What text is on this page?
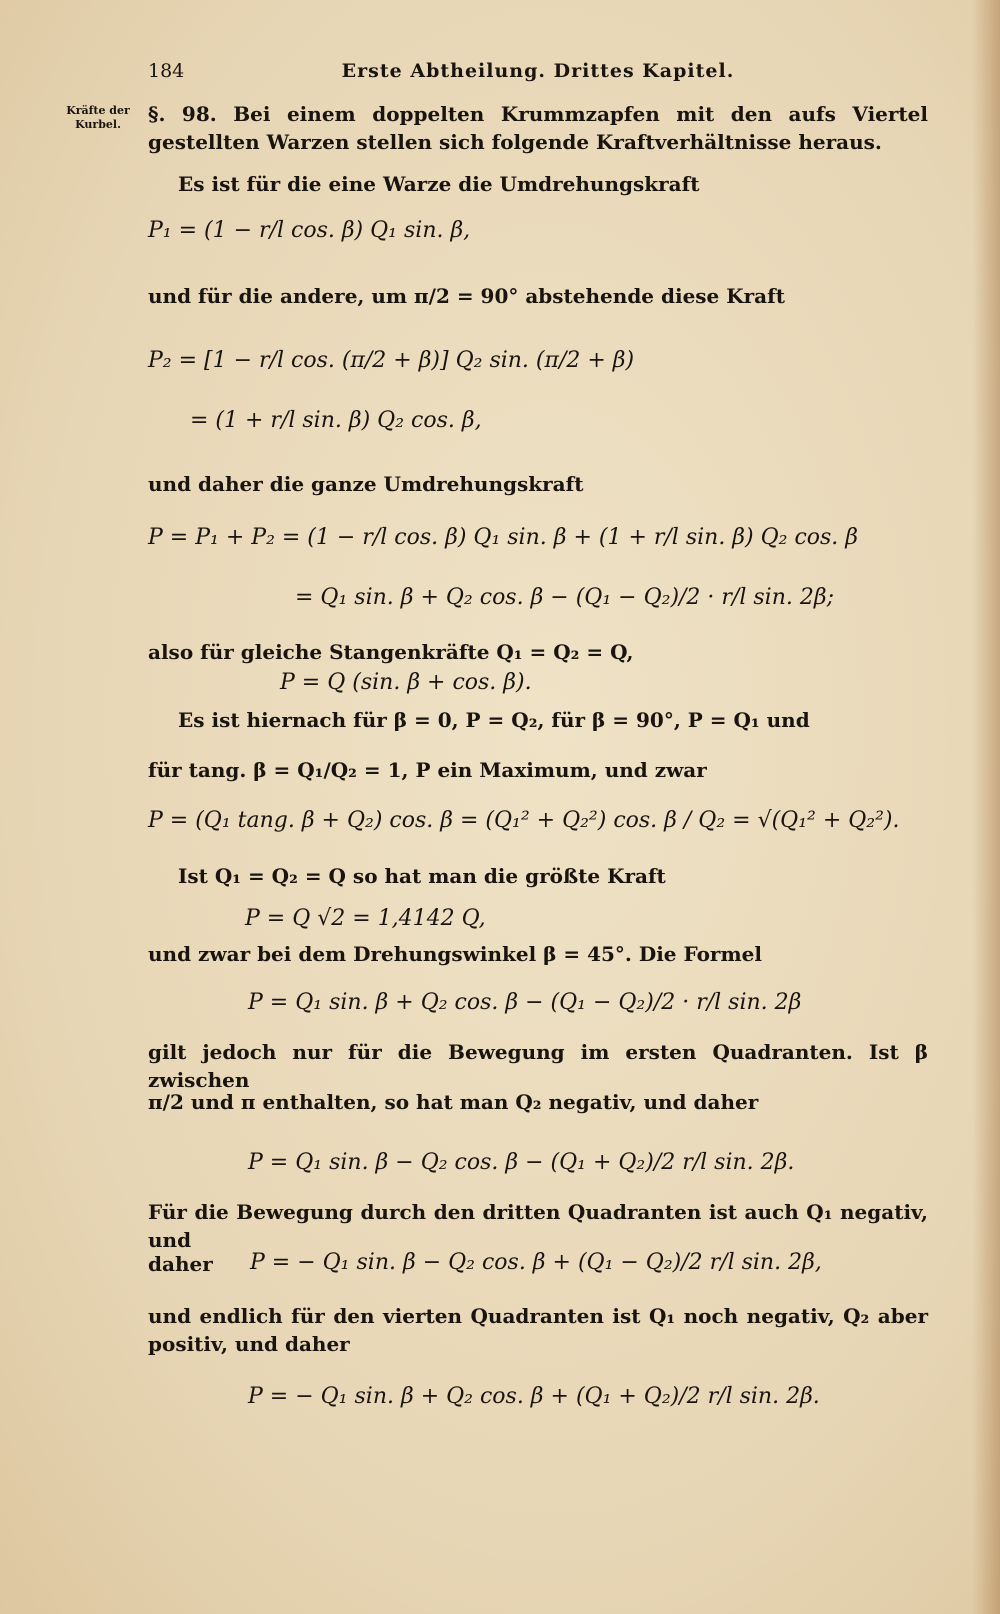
184	Erste Abtheilung. Drittes Kapitel.
Kräfte der Kurbel.	§. 98. Bei einem doppelten Krummzapfen mit den aufs Viertel gestellten Warzen stellen sich folgende Kraftverhältnisse heraus.
Es ist für die eine Warze die Umdrehungskraft
P₁ = (1 − r/l cos. β) Q₁ sin. β,
und für die andere, um π/2 = 90° abstehende diese Kraft
P₂ = [1 − r/l cos. (π/2 + β)] Q₂ sin. (π/2 + β)
= (1 + r/l sin. β) Q₂ cos. β,
und daher die ganze Umdrehungskraft
P = P₁ + P₂ = (1 − r/l cos. β) Q₁ sin. β + (1 + r/l sin. β) Q₂ cos. β
= Q₁ sin. β + Q₂ cos. β − (Q₁ − Q₂)/2 · r/l sin. 2β;
also für gleiche Stangenkräfte Q₁ = Q₂ = Q,
P = Q (sin. β + cos. β).
Es ist hiernach für β = 0, P = Q₂, für β = 90°, P = Q₁ und
für tang. β = Q₁/Q₂ = 1, P ein Maximum, und zwar
P = (Q₁ tang. β + Q₂) cos. β = (Q₁² + Q₂²) cos. β / Q₂ = √(Q₁² + Q₂²).
Ist Q₁ = Q₂ = Q so hat man die größte Kraft
P = Q √2 = 1,4142 Q,
und zwar bei dem Drehungswinkel β = 45°. Die Formel
P = Q₁ sin. β + Q₂ cos. β − (Q₁ − Q₂)/2 · r/l sin. 2β
gilt jedoch nur für die Bewegung im ersten Quadranten. Ist β zwischen
π/2 und π enthalten, so hat man Q₂ negativ, und daher
P = Q₁ sin. β − Q₂ cos. β − (Q₁ + Q₂)/2 r/l sin. 2β.
Für die Bewegung durch den dritten Quadranten ist auch Q₁ negativ, und
daher	P = − Q₁ sin. β − Q₂ cos. β + (Q₁ − Q₂)/2 r/l sin. 2β,
und endlich für den vierten Quadranten ist Q₁ noch negativ, Q₂ aber positiv, und daher
P = − Q₁ sin. β + Q₂ cos. β + (Q₁ + Q₂)/2 r/l sin. 2β.
